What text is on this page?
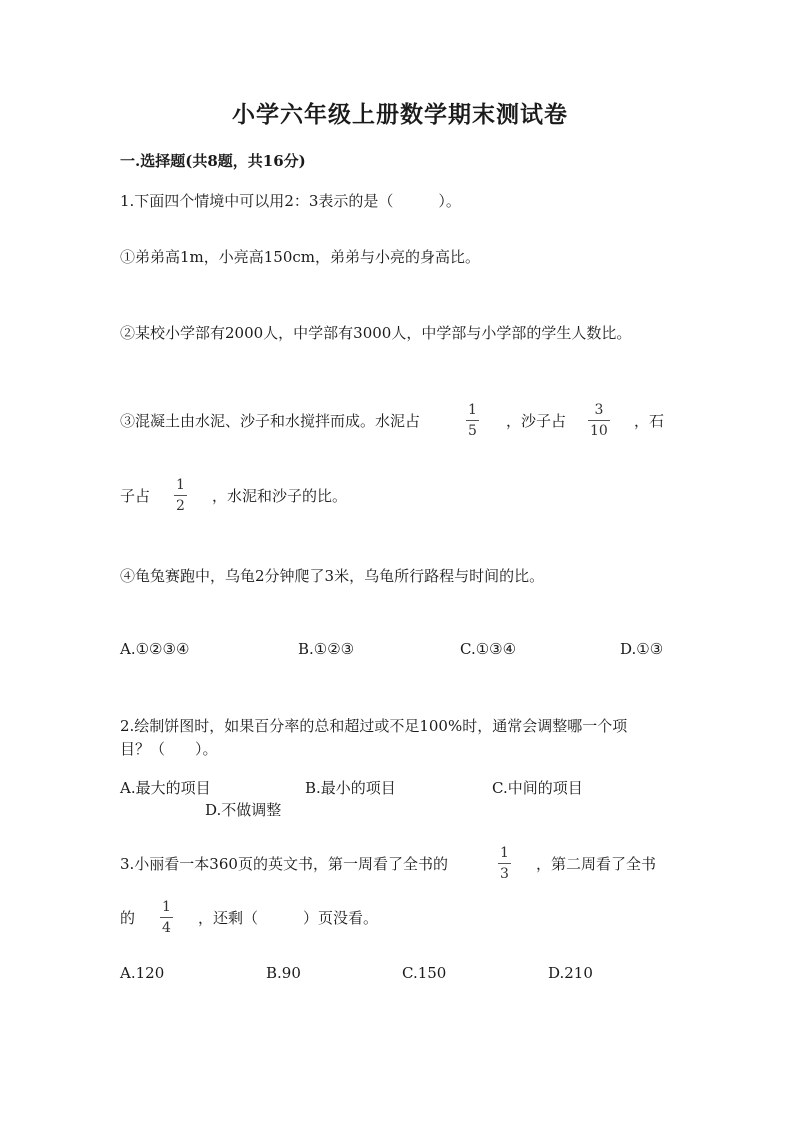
小学六年级上册数学期末测试卷
一.选择题(共8题，共16分)
1.下面四个情境中可以用2：3表示的是（　　　）。
①弟弟高1m，小亮高150cm，弟弟与小亮的身高比。
②某校小学部有2000人，中学部有3000人，中学部与小学部的学生人数比。
③混凝土由水泥、沙子和水搅拌而成。水泥占
1
5
，沙子占
3
10
，石
子占
1
2
，水泥和沙子的比。
④龟兔赛跑中，乌龟2分钟爬了3米，乌龟所行路程与时间的比。
A.①②③④	B.①②③	C.①③④	D.①③
2.绘制饼图时，如果百分率的总和超过或不足100%时，通常会调整哪一个项
目？（　　）。
A.最大的项目	B.最小的项目	C.中间的项目
D.不做调整
3.小丽看一本360页的英文书，第一周看了全书的
1
3
，第二周看了全书
的
1
4
，还剩（　　　）页没看。
A.120	B.90	C.150	D.210
